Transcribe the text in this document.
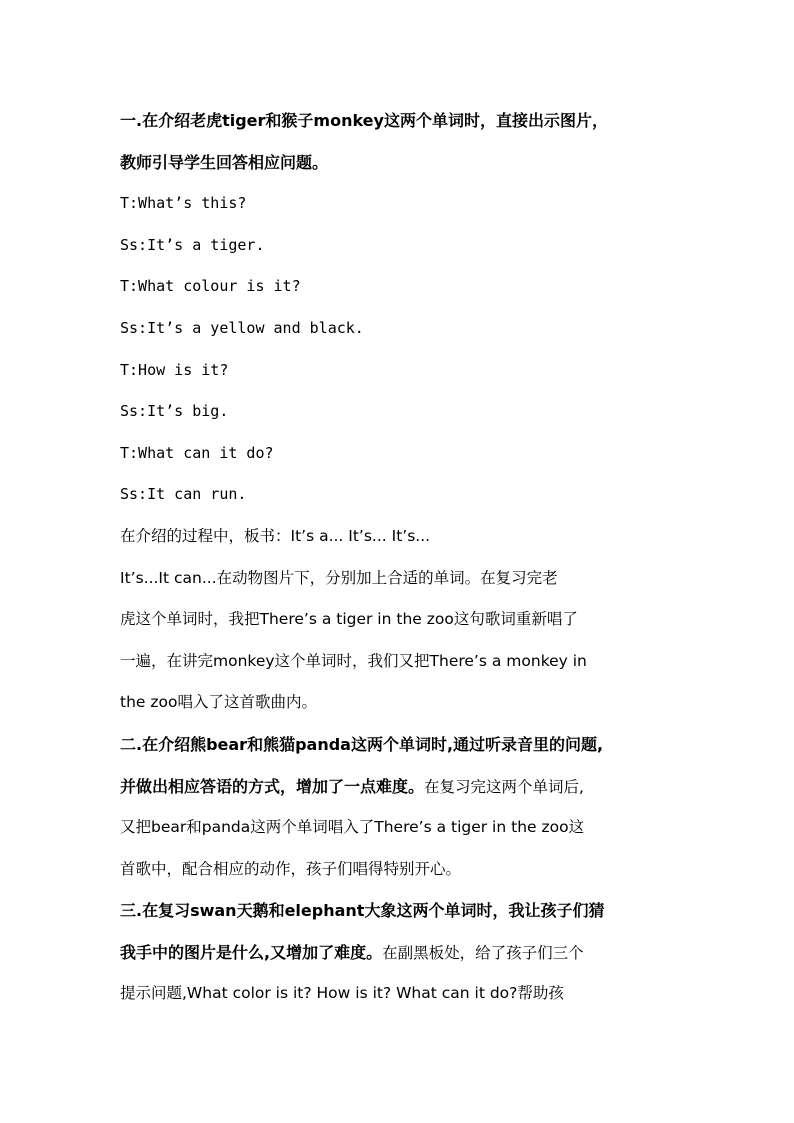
一.在介绍老虎tiger和猴子monkey这两个单词时，直接出示图片，
教师引导学生回答相应问题。
T:What’s this?
Ss:It’s a tiger.
T:What colour is it?
Ss:It’s a yellow and black.
T:How is it?
Ss:It’s big.
T:What can it do?
Ss:It can run.
在介绍的过程中，板书：It’s a... It’s... It’s...
It’s...It can...在动物图片下，分别加上合适的单词。在复习完老
虎这个单词时，我把There’s a tiger in the zoo这句歌词重新唱了
一遍，在讲完monkey这个单词时，我们又把There’s a monkey in
the zoo唱入了这首歌曲内。
二.在介绍熊bear和熊猫panda这两个单词时,通过听录音里的问题,
并做出相应答语的方式，增加了一点难度。在复习完这两个单词后,
又把bear和panda这两个单词唱入了There’s a tiger in the zoo这
首歌中，配合相应的动作，孩子们唱得特别开心。
三.在复习swan天鹅和elephant大象这两个单词时，我让孩子们猜
我手中的图片是什么,又增加了难度。在副黑板处，给了孩子们三个
提示问题,What color is it? How is it? What can it do?帮助孩
